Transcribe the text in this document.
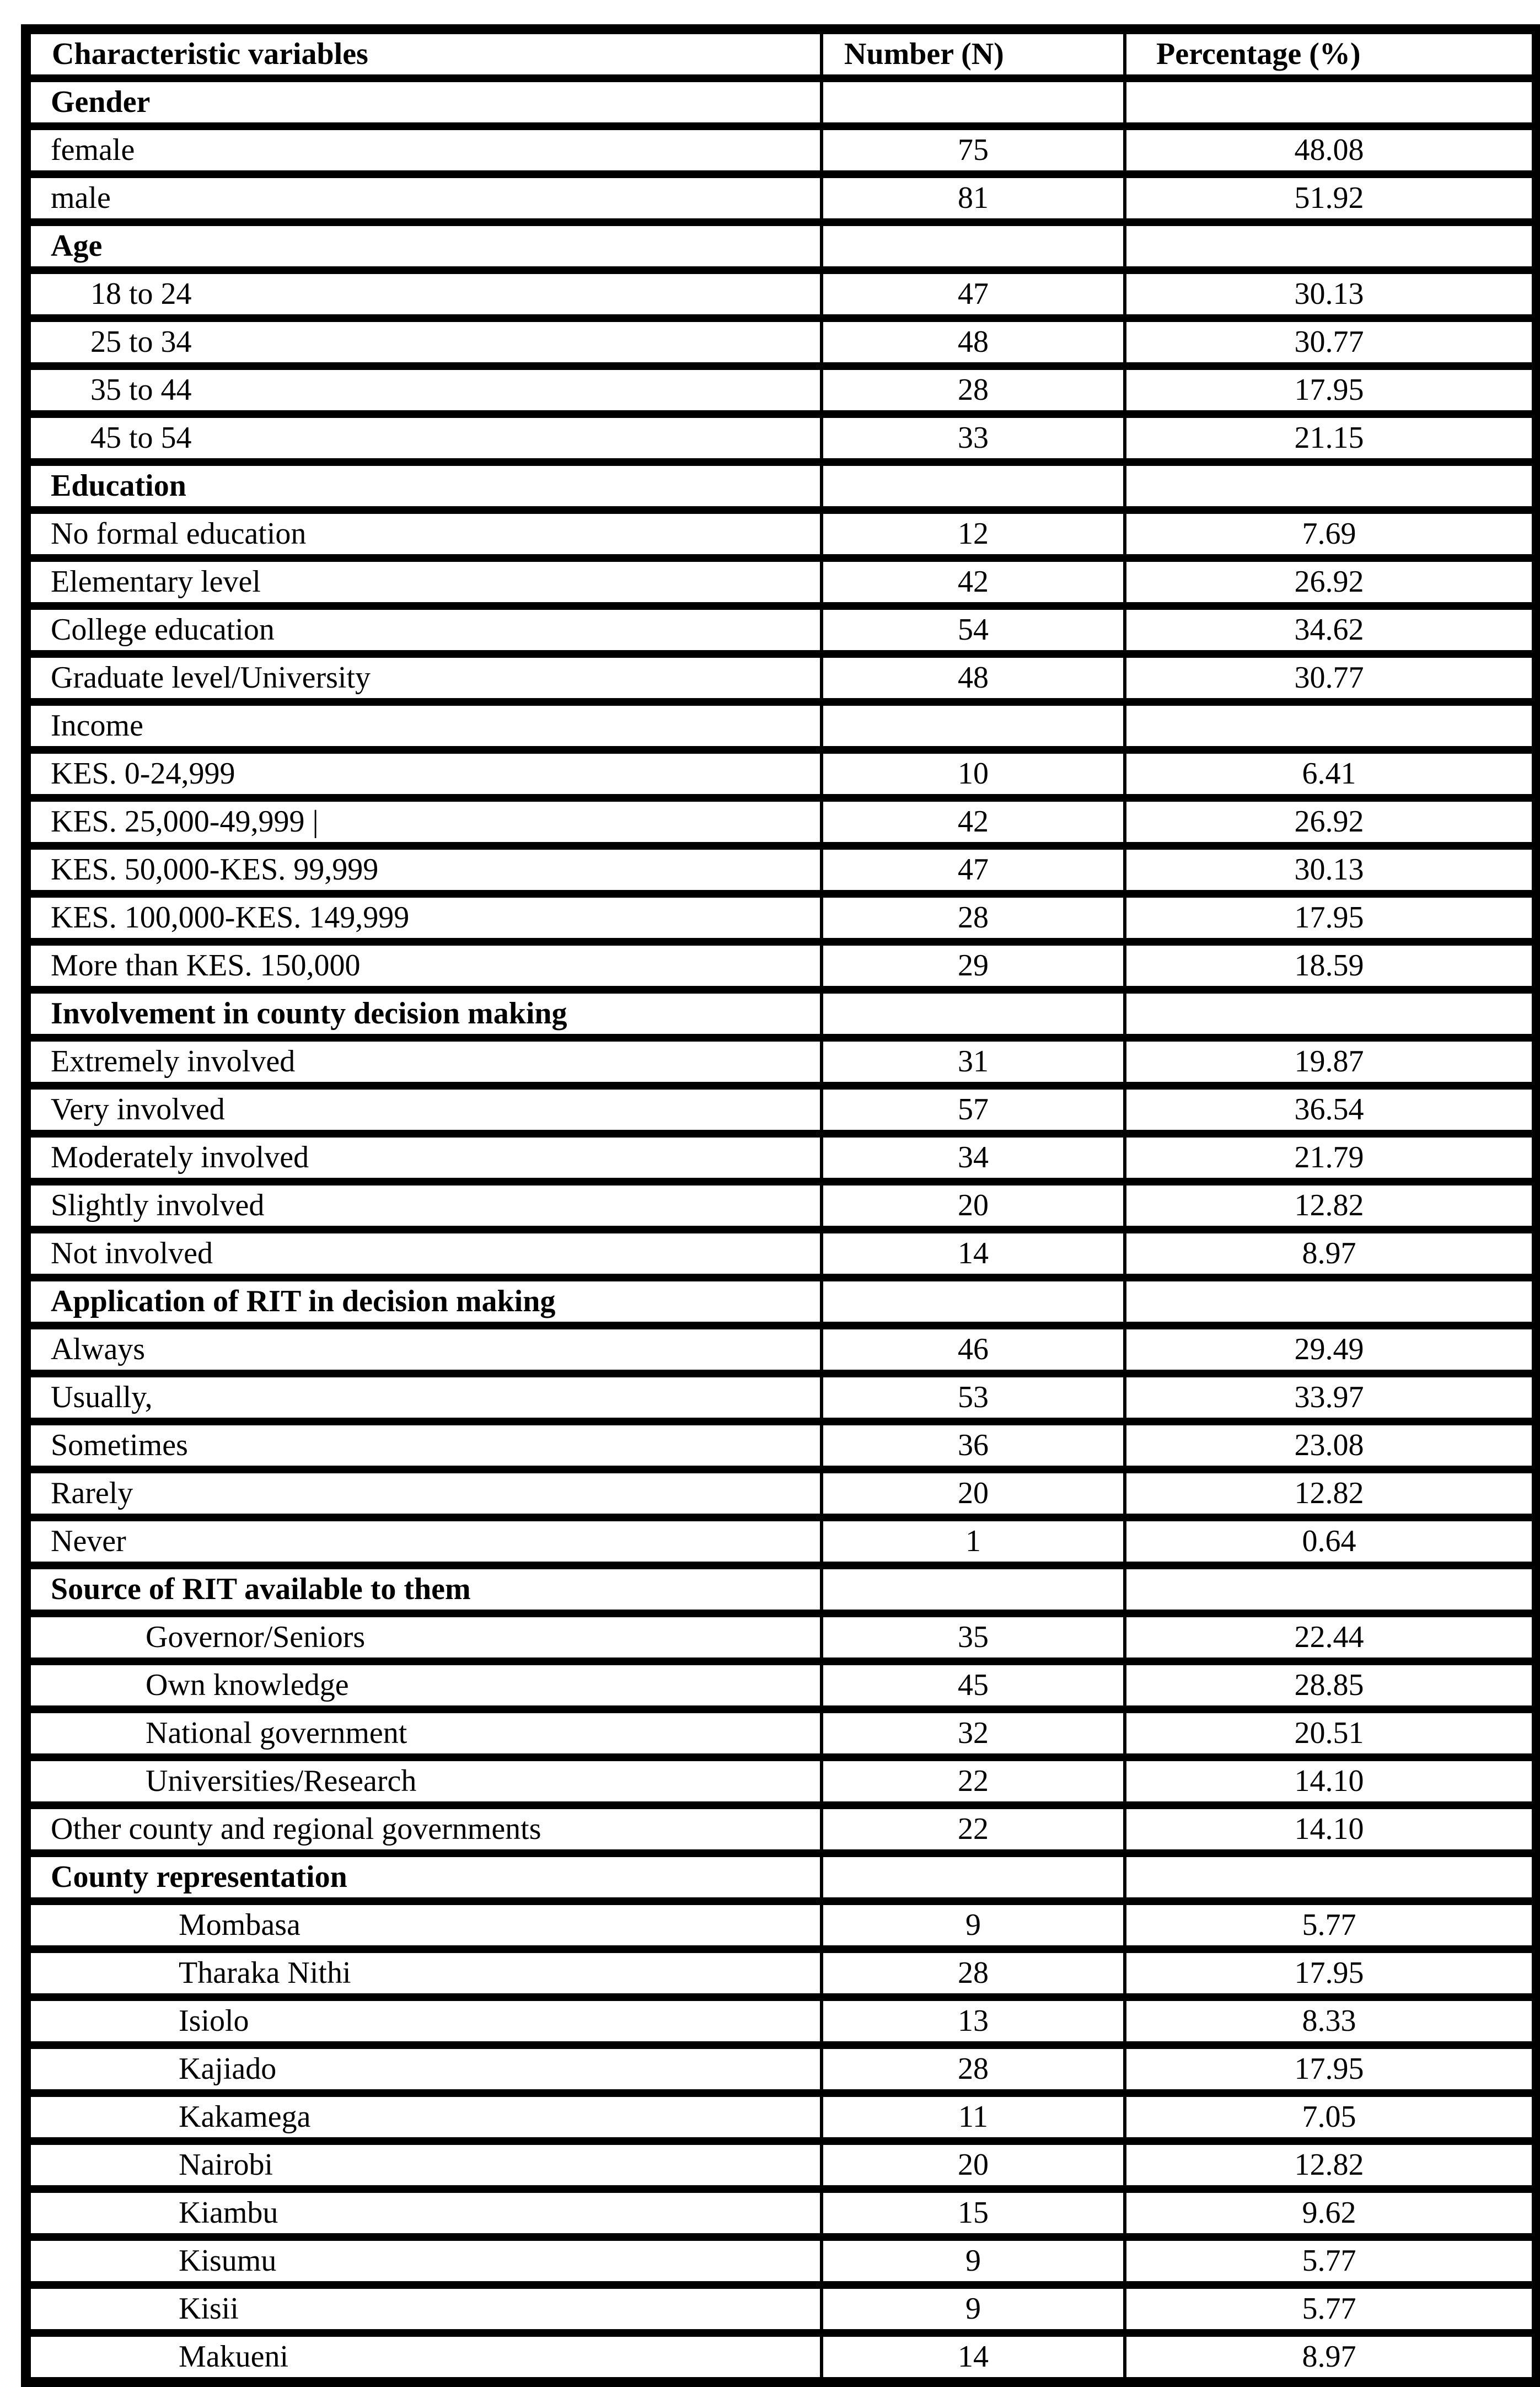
Characteristic variables	Number (N)	Percentage (%)
Gender		
female	75	48.08
male	81	51.92
Age		
18 to 24	47	30.13
25 to 34	48	30.77
35 to 44	28	17.95
45 to 54	33	21.15
Education		
No formal education	12	7.69
Elementary level	42	26.92
College education	54	34.62
Graduate level/University	48	30.77
Income		
KES. 0-24,999	10	6.41
KES. 25,000-49,999 |	42	26.92
KES. 50,000-KES. 99,999	47	30.13
KES. 100,000-KES. 149,999	28	17.95
More than KES. 150,000	29	18.59
Involvement in county decision making		
Extremely involved	31	19.87
Very involved	57	36.54
Moderately involved	34	21.79
Slightly involved	20	12.82
Not involved	14	8.97
Application of RIT in decision making		
Always	46	29.49
Usually,	53	33.97
Sometimes	36	23.08
Rarely	20	12.82
Never	1	0.64
Source of RIT available to them		
Governor/Seniors	35	22.44
Own knowledge	45	28.85
National government	32	20.51
Universities/Research	22	14.10
Other county and regional governments	22	14.10
County representation		
Mombasa	9	5.77
Tharaka Nithi	28	17.95
Isiolo	13	8.33
Kajiado	28	17.95
Kakamega	11	7.05
Nairobi	20	12.82
Kiambu	15	9.62
Kisumu	9	5.77
Kisii	9	5.77
Makueni	14	8.97
